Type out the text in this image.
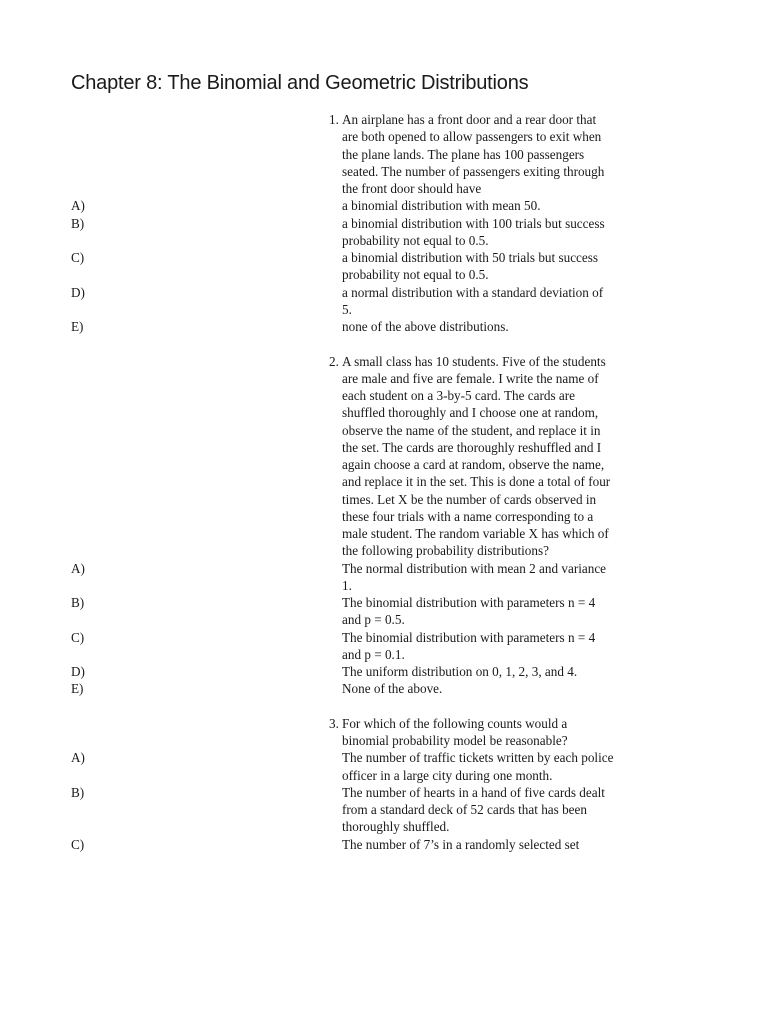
Chapter 8: The Binomial and Geometric Distributions
1. An airplane has a front door and a rear door that are both opened to allow passengers to exit when the plane lands. The plane has 100 passengers seated. The number of passengers exiting through the front door should have
A)	a binomial distribution with mean 50.
B)	a binomial distribution with 100 trials but success probability not equal to 0.5.
C)	a binomial distribution with 50 trials but success probability not equal to 0.5.
D)	a normal distribution with a standard deviation of 5.
E)	none of the above distributions.
2. A small class has 10 students. Five of the students are male and five are female. I write the name of each student on a 3-by-5 card. The cards are shuffled thoroughly and I choose one at random, observe the name of the student, and replace it in the set. The cards are thoroughly reshuffled and I again choose a card at random, observe the name, and replace it in the set. This is done a total of four times. Let X be the number of cards observed in these four trials with a name corresponding to a male student. The random variable X has which of the following probability distributions?
A)	The normal distribution with mean 2 and variance 1.
B)	The binomial distribution with parameters n = 4 and p = 0.5.
C)	The binomial distribution with parameters n = 4 and p = 0.1.
D)	The uniform distribution on 0, 1, 2, 3, and 4.
E)	None of the above.
3. For which of the following counts would a binomial probability model be reasonable?
A)	The number of traffic tickets written by each police officer in a large city during one month.
B)	The number of hearts in a hand of five cards dealt from a standard deck of 52 cards that has been thoroughly shuffled.
C)	The number of 7’s in a randomly selected set
